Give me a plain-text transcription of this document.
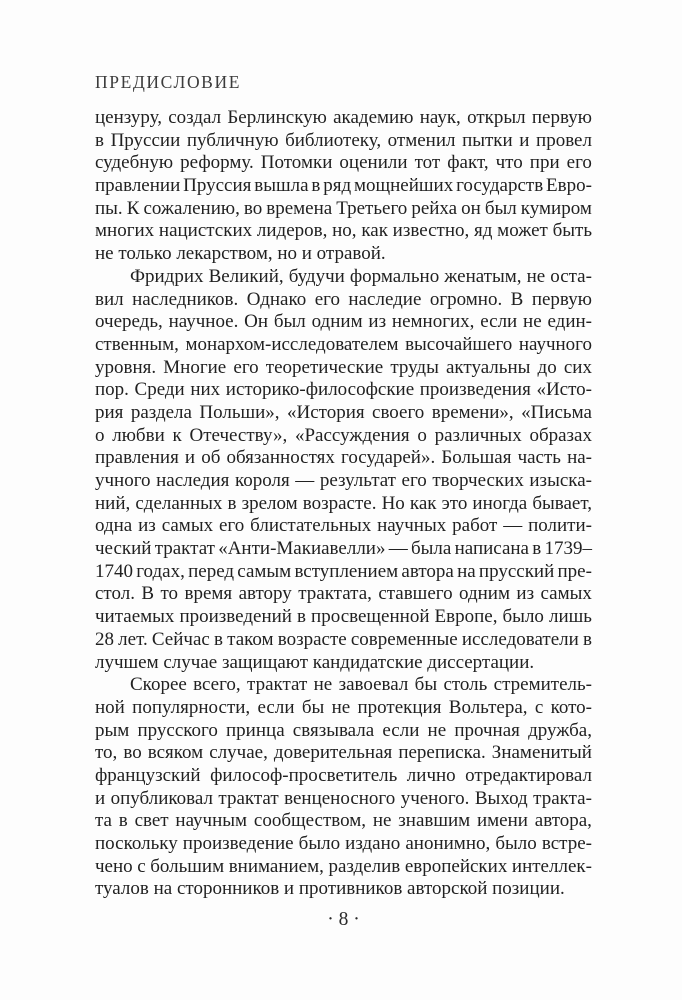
ПРЕДИСЛОВИЕ
цензуру, создал Берлинскую академию наук, открыл первую
в Пруссии публичную библиотеку, отменил пытки и провел
судебную реформу. Потомки оценили тот факт, что при его
правлении Пруссия вышла в ряд мощнейших государств Евро-
пы. К сожалению, во времена Третьего рейха он был кумиром
многих нацистских лидеров, но, как известно, яд может быть
не только лекарством, но и отравой.
Фридрих Великий, будучи формально женатым, не оста-
вил наследников. Однако его наследие огромно. В первую
очередь, научное. Он был одним из немногих, если не един-
ственным, монархом-исследователем высочайшего научного
уровня. Многие его теоретические труды актуальны до сих
пор. Среди них историко-философские произведения «Исто-
рия раздела Польши», «История своего времени», «Письма
о любви к Отечеству», «Рассуждения о различных образах
правления и об обязанностях государей». Большая часть на-
учного наследия короля — результат его творческих изыска-
ний, сделанных в зрелом возрасте. Но как это иногда бывает,
одна из самых его блистательных научных работ — полити-
ческий трактат «Анти-Макиавелли» — была написана в 1739–
1740 годах, перед самым вступлением автора на прусский пре-
стол. В то время автору трактата, ставшего одним из самых
читаемых произведений в просвещенной Европе, было лишь
28 лет. Сейчас в таком возрасте современные исследователи в
лучшем случае защищают кандидатские диссертации.
Скорее всего, трактат не завоевал бы столь стремитель-
ной популярности, если бы не протекция Вольтера, с кото-
рым прусского принца связывала если не прочная дружба,
то, во всяком случае, доверительная переписка. Знаменитый
французский философ-просветитель лично отредактировал
и опубликовал трактат венценосного ученого. Выход тракта-
та в свет научным сообществом, не знавшим имени автора,
поскольку произведение было издано анонимно, было встре-
чено с большим вниманием, разделив европейских интеллек-
туалов на сторонников и противников авторской позиции.
· 8 ·
